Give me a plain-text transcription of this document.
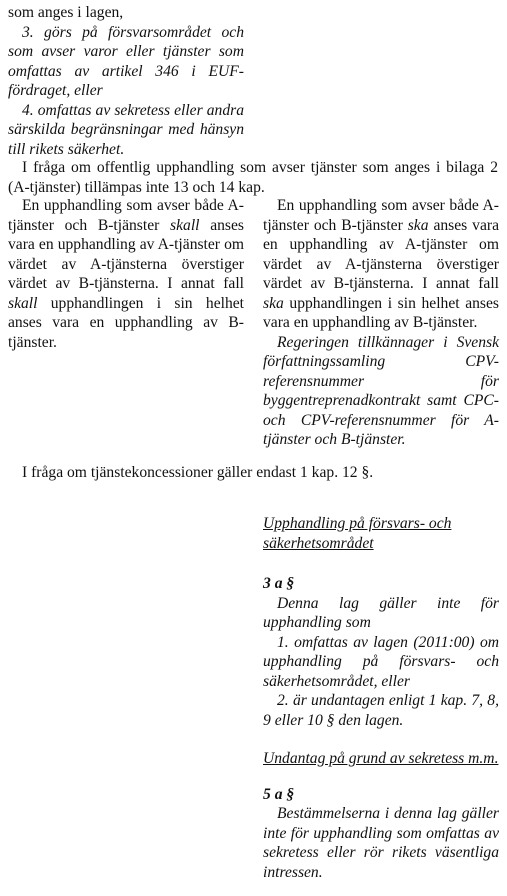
som anges i lagen,

3. görs på försvarsområdet och som avser varor eller tjänster som omfattas av artikel 346 i EUF-fördraget, eller

4. omfattas av sekretess eller andra särskilda begränsningar med hänsyn till rikets säkerhet.

I fråga om offentlig upphandling som avser tjänster som anges i bilaga 2 (A-tjänster) tillämpas inte 13 och 14 kap.

En upphandling som avser både A-tjänster och B-tjänster skall anses vara en upphandling av A-tjänster om värdet av A-tjänsterna överstiger värdet av B-tjänsterna. I annat fall skall upphandlingen i sin helhet anses vara en upphandling av B-tjänster.

En upphandling som avser både A-tjänster och B-tjänster ska anses vara en upphandling av A-tjänster om värdet av A-tjänsterna överstiger värdet av B-tjänsterna. I annat fall ska upphandlingen i sin helhet anses vara en upphandling av B-tjänster.

Regeringen tillkännager i Svensk författningssamling CPV-referensnummer för byggentreprenadkontrakt samt CPC- och CPV-referensnummer för A-tjänster och B-tjänster.

I fråga om tjänstekoncessioner gäller endast 1 kap. 12 §.

Upphandling på försvars- och säkerhetsområdet

3 a §

Denna lag gäller inte för upphandling som

1. omfattas av lagen (2011:00) om upphandling på försvars- och säkerhetsområdet, eller

2. är undantagen enligt 1 kap. 7, 8, 9 eller 10 § den lagen.

Undantag på grund av sekretess m.m.

5 a §

Bestämmelserna i denna lag gäller inte för upphandling som omfattas av sekretess eller rör rikets väsentliga intressen.
